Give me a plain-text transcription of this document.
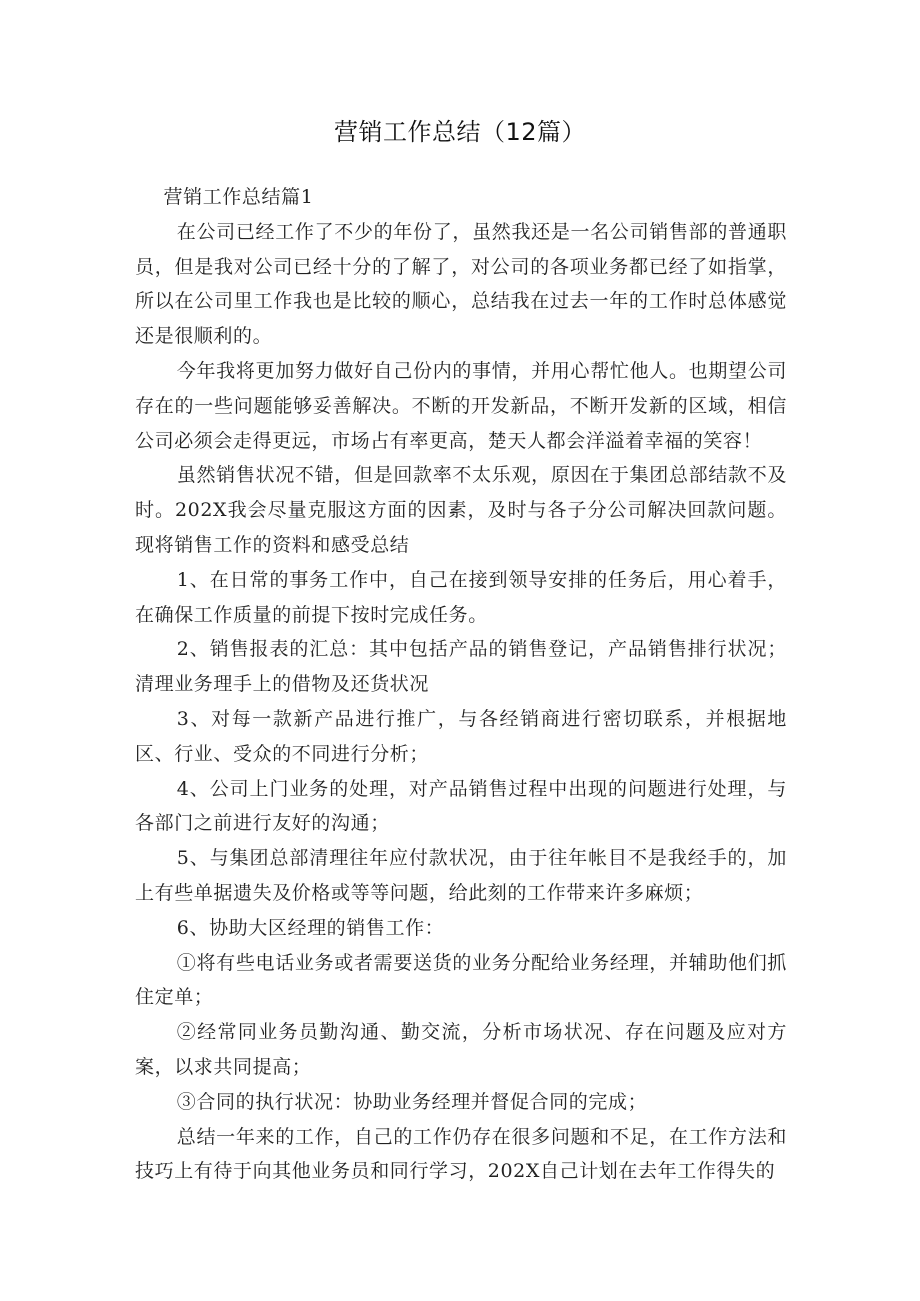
营销工作总结（12篇）

营销工作总结篇1

在公司已经工作了不少的年份了，虽然我还是一名公司销售部的普通职员，但是我对公司已经十分的了解了，对公司的各项业务都已经了如指掌，所以在公司里工作我也是比较的顺心，总结我在过去一年的工作时总体感觉还是很顺利的。

今年我将更加努力做好自己份内的事情，并用心帮忙他人。也期望公司存在的一些问题能够妥善解决。不断的开发新品，不断开发新的区域，相信公司必须会走得更远，市场占有率更高，楚天人都会洋溢着幸福的笑容！

虽然销售状况不错，但是回款率不太乐观，原因在于集团总部结款不及时。202X我会尽量克服这方面的因素，及时与各子分公司解决回款问题。现将销售工作的资料和感受总结

1、在日常的事务工作中，自己在接到领导安排的任务后，用心着手，在确保工作质量的前提下按时完成任务。

2、销售报表的汇总：其中包括产品的销售登记，产品销售排行状况；清理业务理手上的借物及还货状况

3、对每一款新产品进行推广，与各经销商进行密切联系，并根据地区、行业、受众的不同进行分析；

4、公司上门业务的处理，对产品销售过程中出现的问题进行处理，与各部门之前进行友好的沟通；

5、与集团总部清理往年应付款状况，由于往年帐目不是我经手的，加上有些单据遗失及价格或等等问题，给此刻的工作带来许多麻烦；

6、协助大区经理的销售工作：

①将有些电话业务或者需要送货的业务分配给业务经理，并辅助他们抓住定单；

②经常同业务员勤沟通、勤交流，分析市场状况、存在问题及应对方案，以求共同提高；

③合同的执行状况：协助业务经理并督促合同的完成；

总结一年来的工作，自己的工作仍存在很多问题和不足，在工作方法和技巧上有待于向其他业务员和同行学习，202X自己计划在去年工作得失的
